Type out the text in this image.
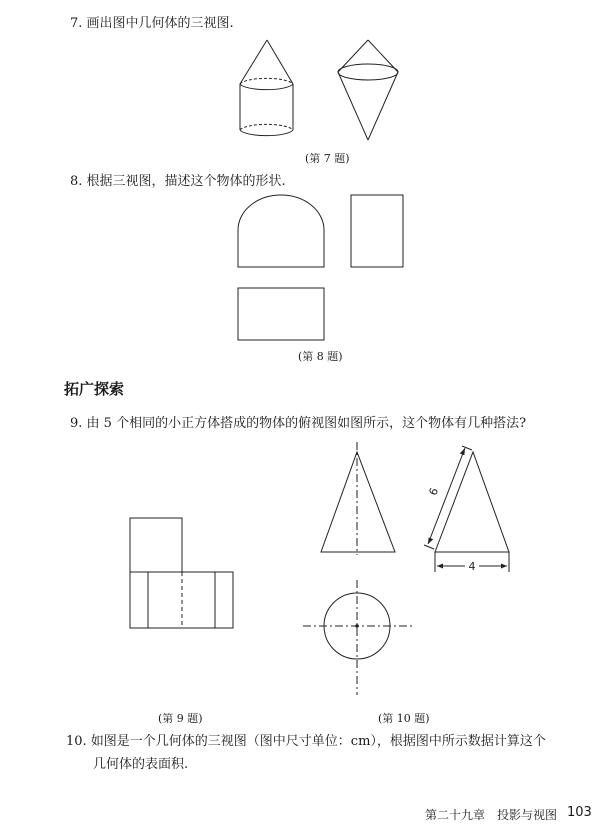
7. 画出图中几何体的三视图.
(第 7 题)
8. 根据三视图，描述这个物体的形状.
(第 8 题)
拓广探索
9. 由 5 个相同的小正方体搭成的物体的俯视图如图所示，这个物体有几种搭法?
(第 9 题)
6
4
(第 10 题)
10. 如图是一个几何体的三视图（图中尺寸单位：cm），根据图中所示数据计算这个
几何体的表面积.
第二十九章　投影与视图 103
